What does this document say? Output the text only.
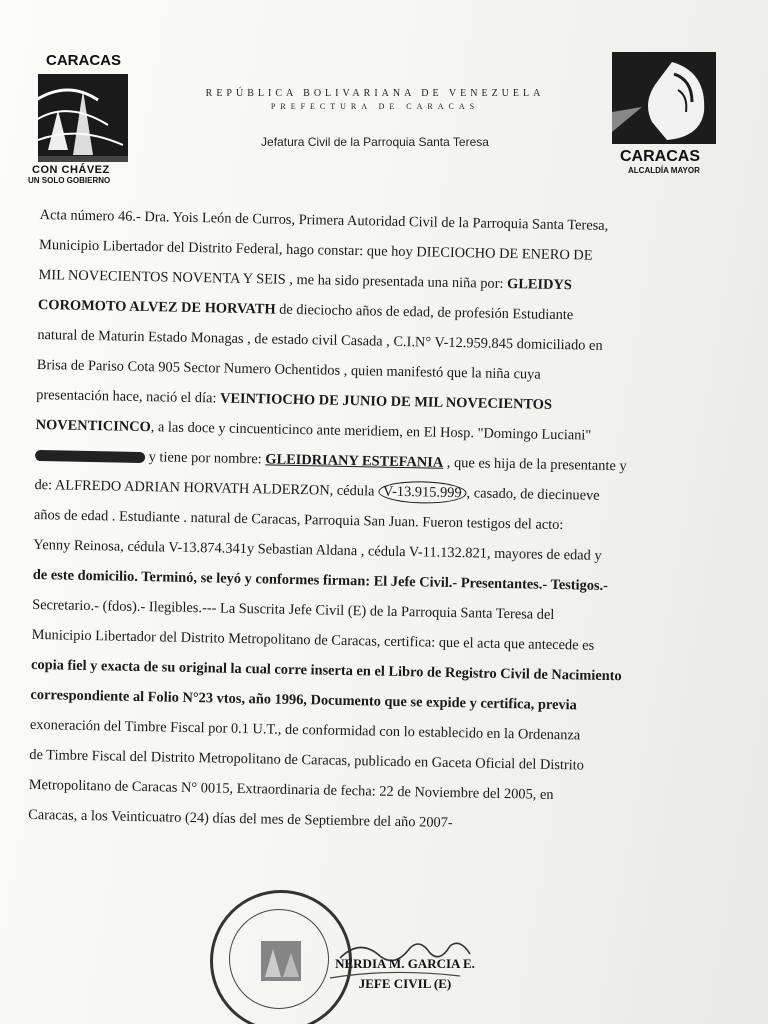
CARACAS
CON CHÁVEZ
UN SOLO GOBIERNO
REPÚBLICA BOLIVARIANA DE VENEZUELA
PREFECTURA DE CARACAS
Jefatura Civil de la Parroquia Santa Teresa
CARACAS
ALCALDÍA MAYOR
Acta número 46.- Dra. Yois León de Curros, Primera Autoridad Civil de la Parroquia Santa Teresa,
Municipio Libertador del Distrito Federal, hago constar: que hoy DIECIOCHO DE ENERO DE
MIL NOVECIENTOS NOVENTA Y SEIS , me ha sido presentada una niña por: GLEIDYS
COROMOTO ALVEZ DE HORVATH de dieciocho años de edad, de profesión Estudiante
natural de Maturin Estado Monagas , de estado civil Casada , C.I.N° V-12.959.845 domiciliado en
Brisa de Pariso Cota 905 Sector Numero Ochentidos , quien manifestó que la niña cuya
presentación hace, nació el día: VEINTIOCHO DE JUNIO DE MIL NOVECIENTOS
NOVENTICINCO, a las doce y cincuenticinco ante meridiem, en El Hosp. "Domingo Luciani"
y tiene por nombre: GLEIDRIANY ESTEFANIA , que es hija de la presentante y
de: ALFREDO ADRIAN HORVATH ALDERZON, cédula V-13.915.999 , casado, de diecinueve
años de edad . Estudiante . natural de Caracas, Parroquia San Juan. Fueron testigos del acto:
Yenny Reinosa, cédula V-13.874.341y Sebastian Aldana , cédula V-11.132.821, mayores de edad y
de este domicilio. Terminó, se leyó y conformes firman: El Jefe Civil.- Presentantes.- Testigos.-
Secretario.- (fdos).- Ilegibles.--- La Suscrita Jefe Civil (E) de la Parroquia Santa Teresa del
Municipio Libertador del Distrito Metropolitano de Caracas, certifica: que el acta que antecede es
copia fiel y exacta de su original la cual corre inserta en el Libro de Registro Civil de Nacimiento
correspondiente al Folio N°23 vtos, año 1996, Documento que se expide y certifica, previa
exoneración del Timbre Fiscal por 0.1 U.T., de conformidad con lo establecido en la Ordenanza
de Timbre Fiscal del Distrito Metropolitano de Caracas, publicado en Gaceta Oficial del Distrito
Metropolitano de Caracas N° 0015, Extraordinaria de fecha: 22 de Noviembre del 2005, en
Caracas, a los Veinticuatro (24) días del mes de Septiembre del año 2007-
NERDIA M. GARCIA E.
JEFE CIVIL (E)
